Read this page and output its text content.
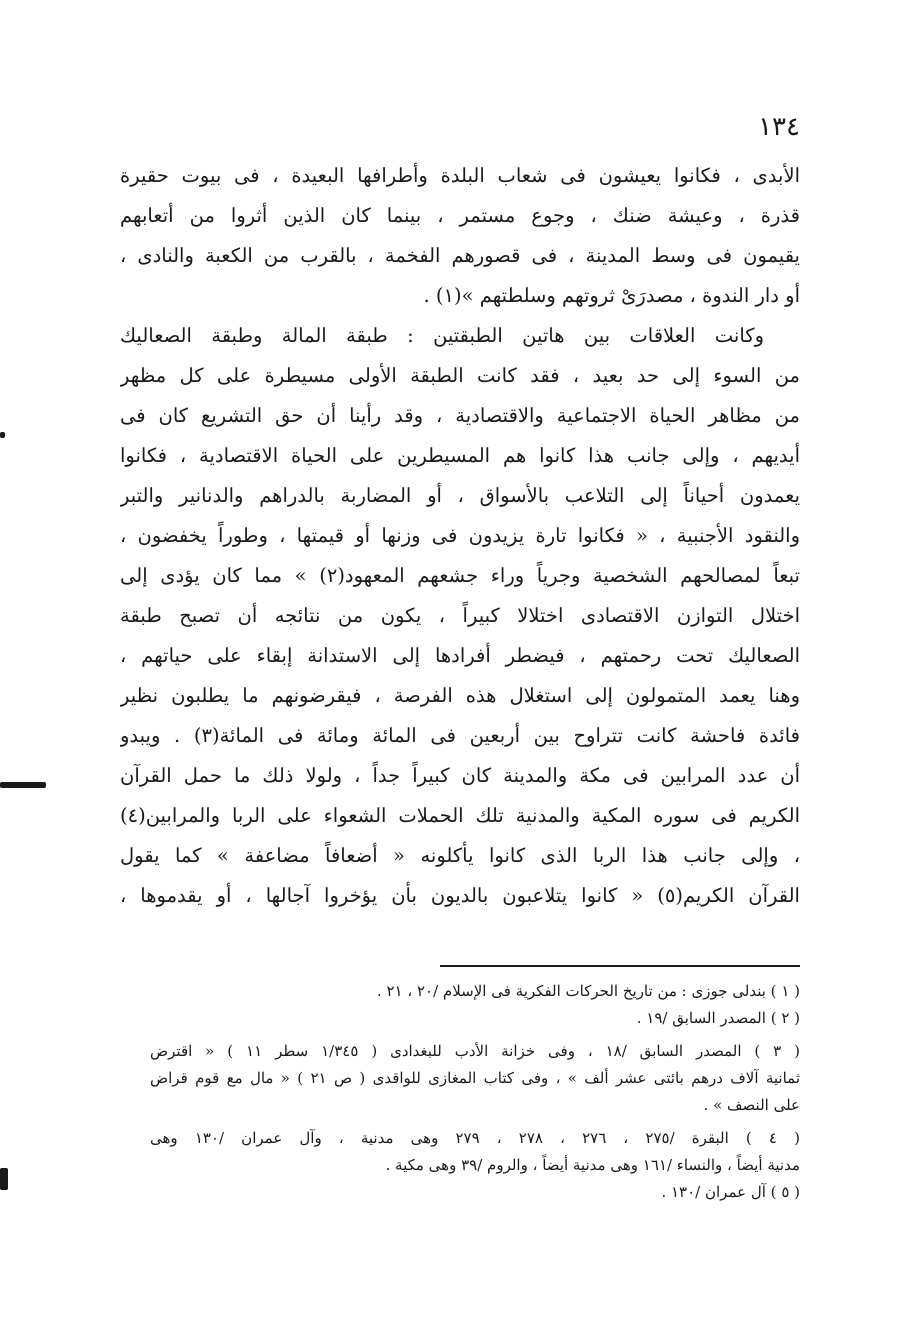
١٣٤
الأبدى ، فكانوا يعيشون فى شعاب البلدة وأطرافها البعيدة ، فى بيوت حقيرة
قذرة ، وعيشة ضنك ، وجوع مستمر ، بينما كان الذين أثروا من أتعابهم
يقيمون فى وسط المدينة ، فى قصورهم الفخمة ، بالقرب من الكعبة والنادى ،
أو دار الندوة ، مصدرَىْ ثروتهم وسلطتهم »(١) .
وكانت العلاقات بين هاتين الطبقتين : طبقة المالة وطبقة الصعاليك
من السوء إلى حد بعيد ، فقد كانت الطبقة الأولى مسيطرة على كل مظهر
من مظاهر الحياة الاجتماعية والاقتصادية ، وقد رأينا أن حق التشريع كان فى
أيديهم ، وإلى جانب هذا كانوا هم المسيطرين على الحياة الاقتصادية ، فكانوا
يعمدون أحياناً إلى التلاعب بالأسواق ، أو المضاربة بالدراهم والدنانير والتبر
والنقود الأجنبية ، « فكانوا تارة يزيدون فى وزنها أو قيمتها ، وطوراً يخفضون ،
تبعاً لمصالحهم الشخصية وجرياً وراء جشعهم المعهود(٢) » مما كان يؤدى إلى
اختلال التوازن الاقتصادى اختلالا كبيراً ، يكون من نتائجه أن تصبح طبقة
الصعاليك تحت رحمتهم ، فيضطر أفرادها إلى الاستدانة إبقاء على حياتهم ،
وهنا يعمد المتمولون إلى استغلال هذه الفرصة ، فيقرضونهم ما يطلبون نظير
فائدة فاحشة كانت تتراوح بين أربعين فى المائة ومائة فى المائة(٣) . ويبدو
أن عدد المرابين فى مكة والمدينة كان كبيراً جداً ، ولولا ذلك ما حمل القرآن
الكريم فى سوره المكية والمدنية تلك الحملات الشعواء على الربا والمرابين(٤)
، وإلى جانب هذا الربا الذى كانوا يأكلونه « أضعافاً مضاعفة » كما يقول
القرآن الكريم(٥) « كانوا يتلاعبون بالديون بأن يؤخروا آجالها ، أو يقدموها ،
( ١ ) بندلى جوزى : من تاريخ الحركات الفكرية فى الإسلام /٢٠ ، ٢١ .
( ٢ ) المصدر السابق /١٩ .
( ٣ ) المصدر السابق /١٨ ، وفى خزانة الأدب للبغدادى ( ١/٣٤٥ سطر ١١ ) « اقترض
ثمانية آلاف درهم بائتى عشر ألف » ، وفى كتاب المغازى للواقدى ( ص ٢١ ) « مال مع قوم قراض
على النصف » .
( ٤ ) البقرة /٢٧٥ ، ٢٧٦ ، ٢٧٨ ، ٢٧٩ وهى مدنية ، وآل عمران /١٣٠ وهى
مدنية أيضاً ، والنساء /١٦١ وهى مدنية أيضاً ، والروم /٣٩ وهى مكية .
( ٥ ) آل عمران /١٣٠ .
